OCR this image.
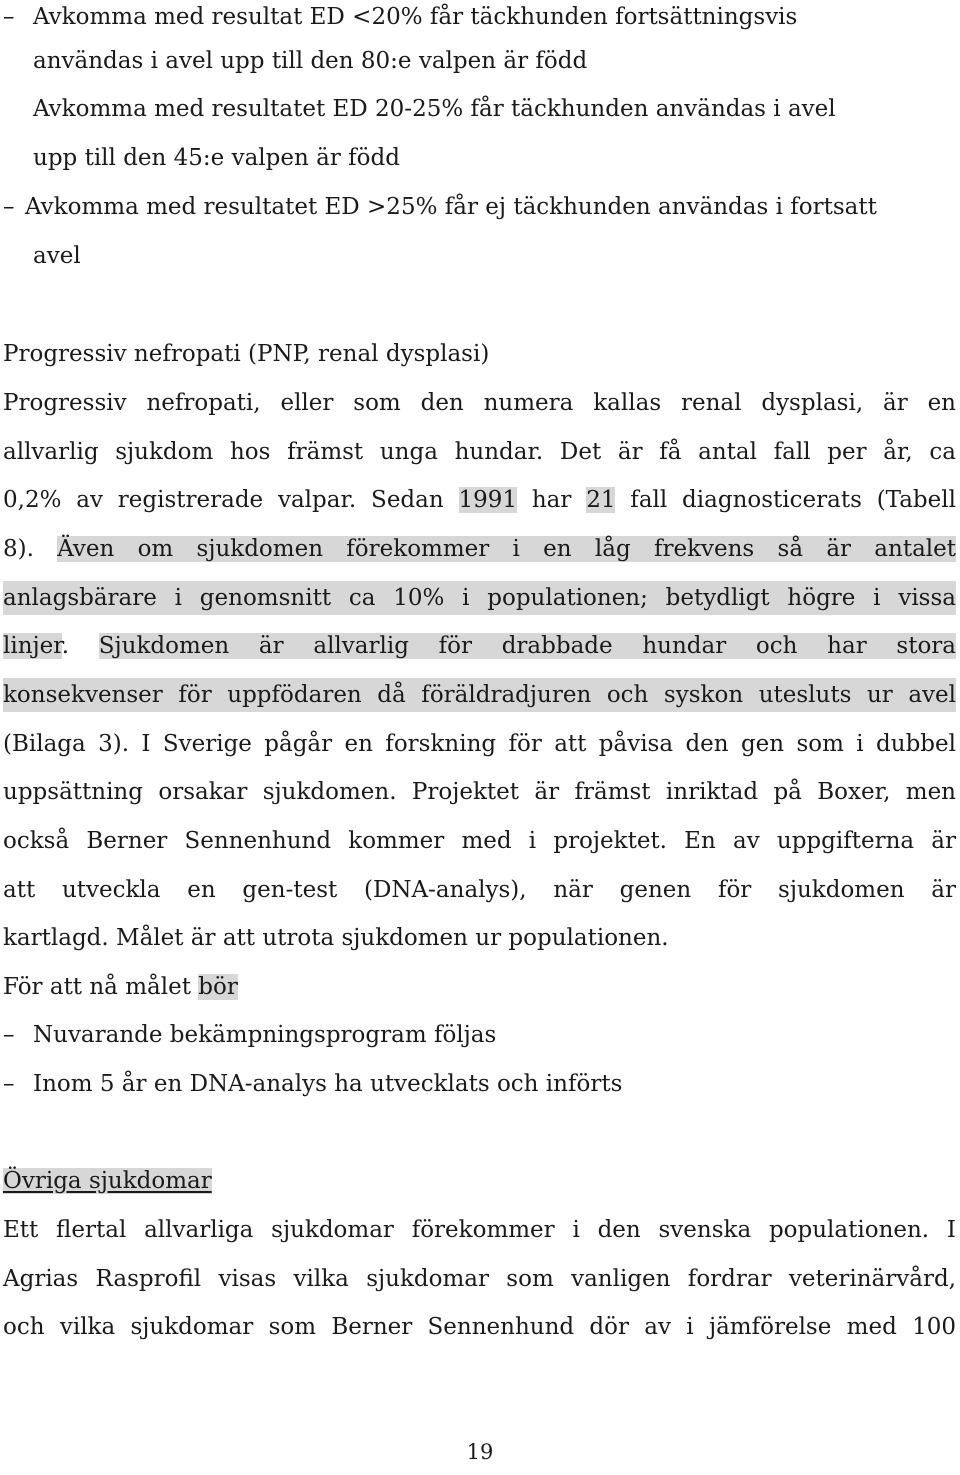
– Avkomma med resultat ED <20% får täckhunden fortsättningsvis
användas i avel upp till den 80:e valpen är född
Avkomma med resultatet ED 20-25% får täckhunden användas i avel
upp till den 45:e valpen är född
– Avkomma med resultatet ED >25% får ej täckhunden användas i fortsatt
avel
Progressiv nefropati (PNP, renal dysplasi)
Progressiv nefropati, eller som den numera kallas renal dysplasi, är en
allvarlig sjukdom hos främst unga hundar. Det är få antal fall per år, ca
0,2% av registrerade valpar. Sedan 1991 har 21 fall diagnosticerats (Tabell
8). Även om sjukdomen förekommer i en låg frekvens så är antalet
anlagsbärare i genomsnitt ca 10% i populationen; betydligt högre i vissa
linjer. Sjukdomen är allvarlig för drabbade hundar och har stora
konsekvenser för uppfödaren då föräldradjuren och syskon utesluts ur avel
(Bilaga 3). I Sverige pågår en forskning för att påvisa den gen som i dubbel
uppsättning orsakar sjukdomen. Projektet är främst inriktad på Boxer, men
också Berner Sennenhund kommer med i projektet. En av uppgifterna är
att utveckla en gen-test (DNA-analys), när genen för sjukdomen är
kartlagd. Målet är att utrota sjukdomen ur populationen.
För att nå målet bör
– Nuvarande bekämpningsprogram följas
– Inom 5 år en DNA-analys ha utvecklats och införts
Övriga sjukdomar
Ett flertal allvarliga sjukdomar förekommer i den svenska populationen. I
Agrias Rasprofil visas vilka sjukdomar som vanligen fordrar veterinärvård,
och vilka sjukdomar som Berner Sennenhund dör av i jämförelse med 100
19
